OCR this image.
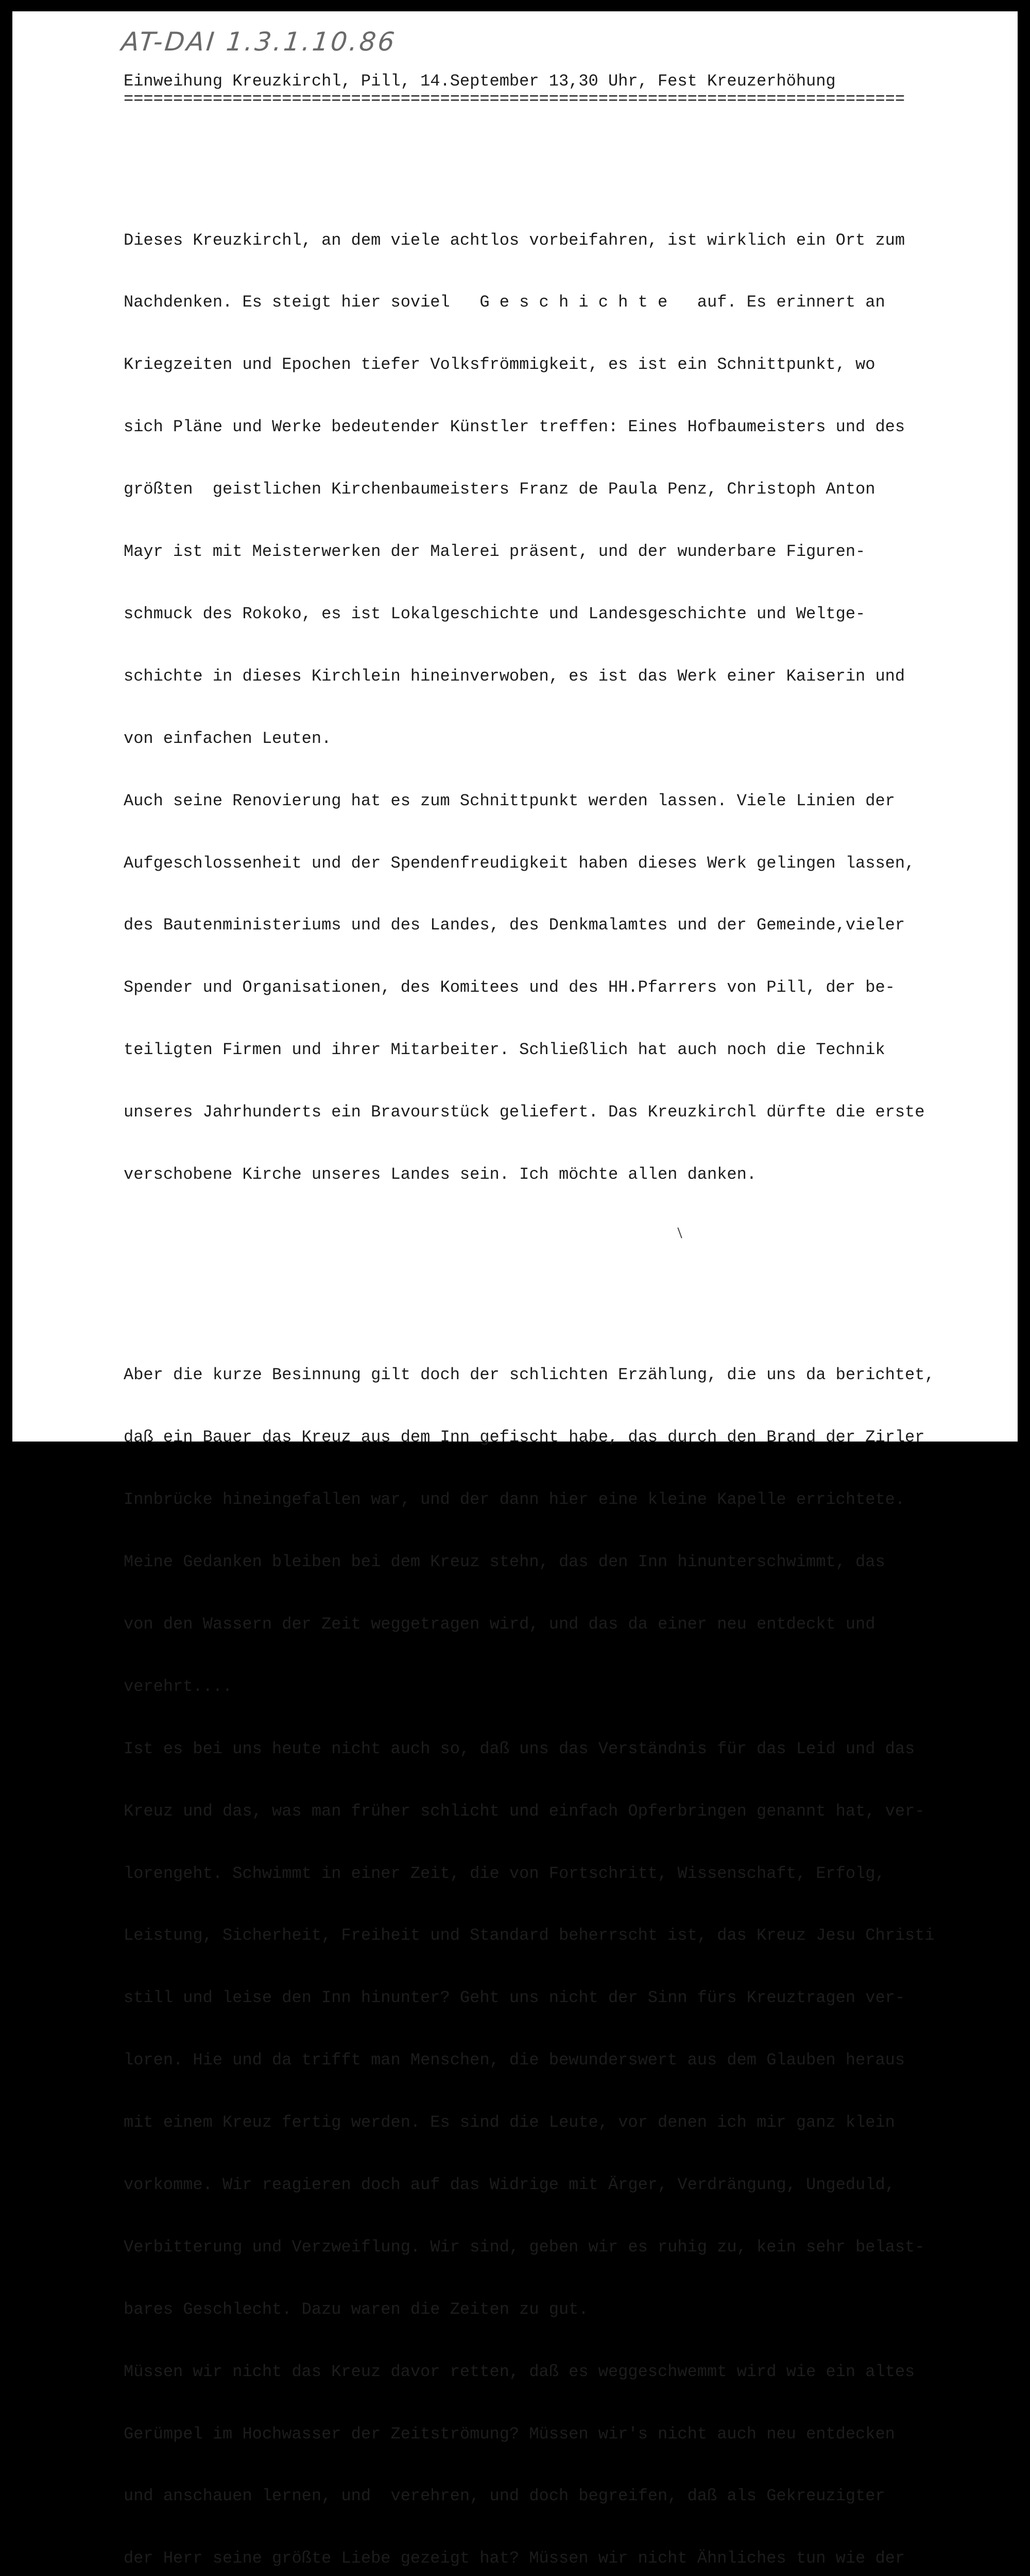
AT-DAI 1.3.1.10.86
Einweihung Kreuzkirchl, Pill, 14.September 13,30 Uhr, Fest Kreuzerhöhung
===============================================================================

Dieses Kreuzkirchl, an dem viele achtlos vorbeifahren, ist wirklich ein Ort zum

Nachdenken. Es steigt hier soviel   G e s c h i c h t e   auf. Es erinnert an

Kriegzeiten und Epochen tiefer Volksfrömmigkeit, es ist ein Schnittpunkt, wo

sich Pläne und Werke bedeutender Künstler treffen: Eines Hofbaumeisters und des

größten  geistlichen Kirchenbaumeisters Franz de Paula Penz, Christoph Anton

Mayr ist mit Meisterwerken der Malerei präsent, und der wunderbare Figuren-

schmuck des Rokoko, es ist Lokalgeschichte und Landesgeschichte und Weltge-

schichte in dieses Kirchlein hineinverwoben, es ist das Werk einer Kaiserin und

von einfachen Leuten.

Auch seine Renovierung hat es zum Schnittpunkt werden lassen. Viele Linien der

Aufgeschlossenheit und der Spendenfreudigkeit haben dieses Werk gelingen lassen,

des Bautenministeriums und des Landes, des Denkmalamtes und der Gemeinde,vieler

Spender und Organisationen, des Komitees und des HH.Pfarrers von Pill, der be-

teiligten Firmen und ihrer Mitarbeiter. Schließlich hat auch noch die Technik

unseres Jahrhunderts ein Bravourstück geliefert. Das Kreuzkirchl dürfte die erste

verschobene Kirche unseres Landes sein. Ich möchte allen danken.

Aber die kurze Besinnung gilt doch der schlichten Erzählung, die uns da berichtet,

daß ein Bauer das Kreuz aus dem Inn gefischt habe, das durch den Brand der Zirler

Innbrücke hineingefallen war, und der dann hier eine kleine Kapelle errichtete.

Meine Gedanken bleiben bei dem Kreuz stehn, das den Inn hinunterschwimmt, das

von den Wassern der Zeit weggetragen wird, und das da einer neu entdeckt und

verehrt....

Ist es bei uns heute nicht auch so, daß uns das Verständnis für das Leid und das

Kreuz und das, was man früher schlicht und einfach Opferbringen genannt hat, ver-

lorengeht. Schwimmt in einer Zeit, die von Fortschritt, Wissenschaft, Erfolg,

Leistung, Sicherheit, Freiheit und Standard beherrscht ist, das Kreuz Jesu Christi

still und leise den Inn hinunter? Geht uns nicht der Sinn fürs Kreuztragen ver-

loren. Hie und da trifft man Menschen, die bewunderswert aus dem Glauben heraus

mit einem Kreuz fertig werden. Es sind die Leute, vor denen ich mir ganz klein

vorkomme. Wir reagieren doch auf das Widrige mit Ärger, Verdrängung, Ungeduld,

Verbitterung und Verzweiflung. Wir sind, geben wir es ruhig zu, kein sehr belast-

bares Geschlecht. Dazu waren die Zeiten zu gut.

Müssen wir nicht das Kreuz davor retten, daß es weggeschwemmt wird wie ein altes

Gerümpel im Hochwasser der Zeitströmung? Müssen wir's nicht auch neu entdecken

und anschauen lernen, und  verehren, und doch begreifen, daß als Gekreuzigter

der Herr seine größte Liebe gezeigt hat? Müssen wir nicht Ähnliches tun wie der
